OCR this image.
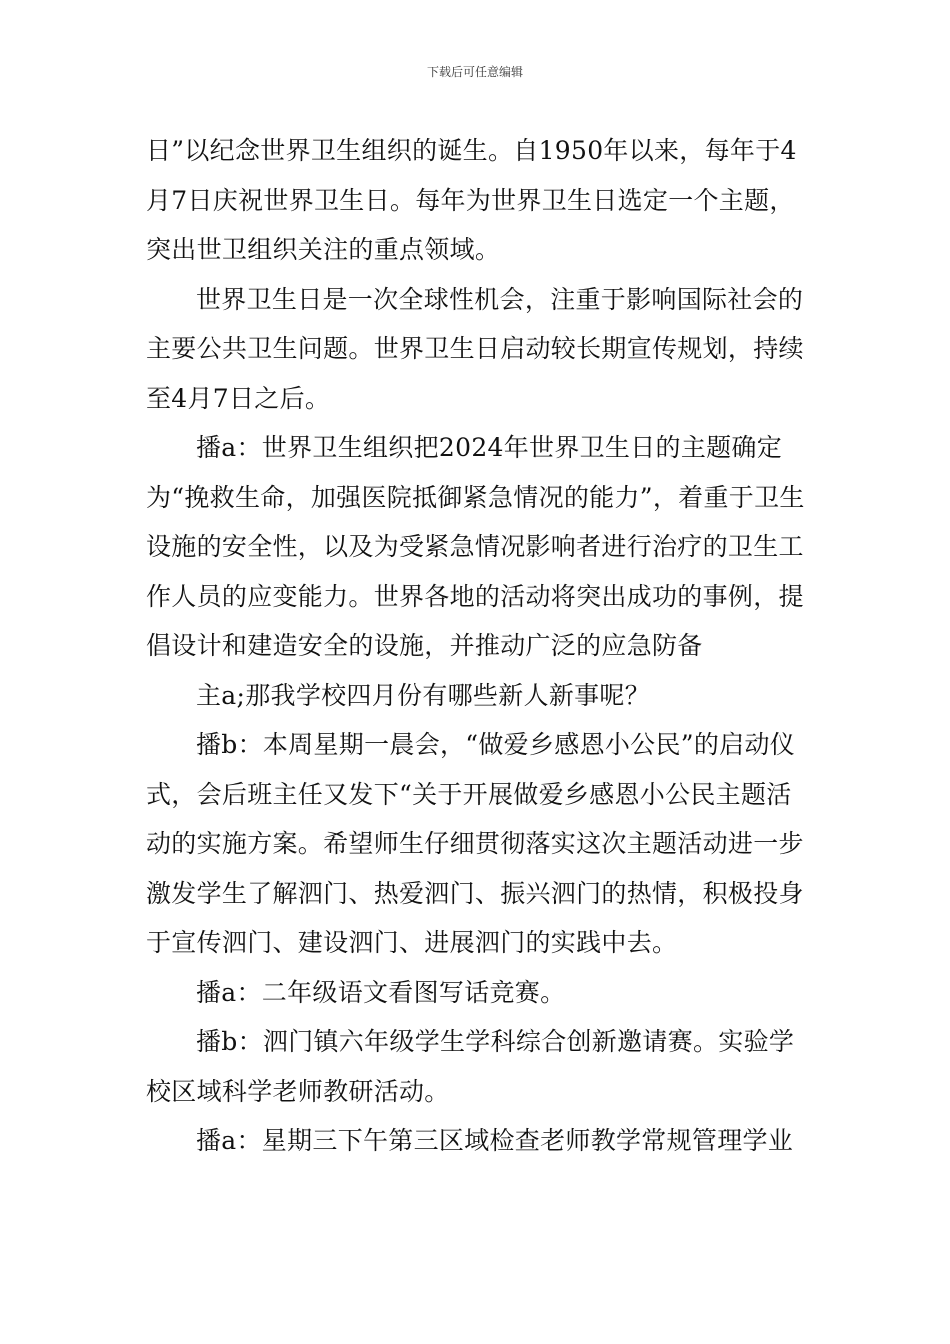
下载后可任意编辑

日”以纪念世界卫生组织的诞生。自1950年以来，每年于4月7日庆祝世界卫生日。每年为世界卫生日选定一个主题，突出世卫组织关注的重点领域。

世界卫生日是一次全球性机会，注重于影响国际社会的主要公共卫生问题。世界卫生日启动较长期宣传规划，持续至4月7日之后。

播a：世界卫生组织把2024年世界卫生日的主题确定为“挽救生命，加强医院抵御紧急情况的能力”，着重于卫生设施的安全性，以及为受紧急情况影响者进行治疗的卫生工作人员的应变能力。世界各地的活动将突出成功的事例，提倡设计和建造安全的设施，并推动广泛的应急防备

主a;那我学校四月份有哪些新人新事呢？

播b：本周星期一晨会，“做爱乡感恩小公民”的启动仪式，会后班主任又发下“关于开展做爱乡感恩小公民主题活动的实施方案。希望师生仔细贯彻落实这次主题活动进一步激发学生了解泗门、热爱泗门、振兴泗门的热情，积极投身于宣传泗门、建设泗门、进展泗门的实践中去。

播a：二年级语文看图写话竞赛。

播b：泗门镇六年级学生学科综合创新邀请赛。实验学校区域科学老师教研活动。

播a：星期三下午第三区域检查老师教学常规管理学业
